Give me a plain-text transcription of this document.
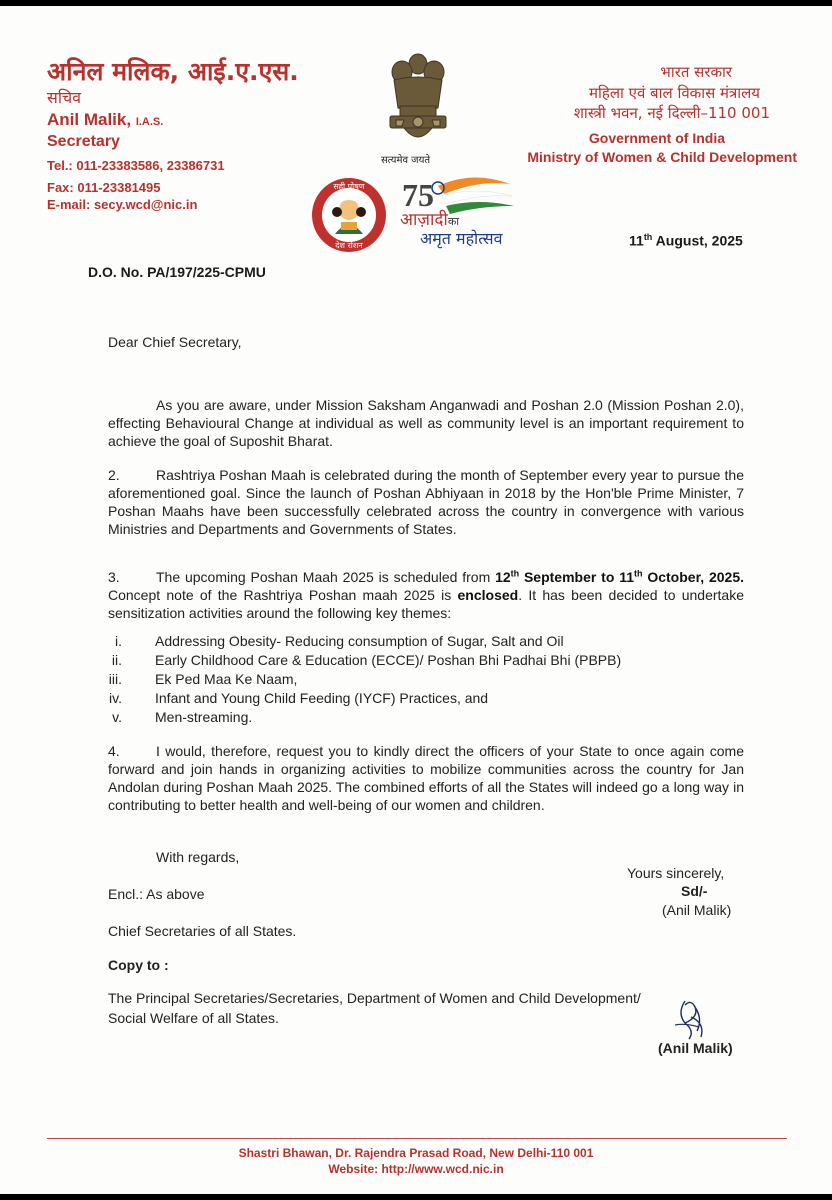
अनिल मलिक, आई.ए.एस.
सचिव
Anil Malik, I.A.S.
Secretary
Tel.: 011-23383586, 23386731
Fax: 011-23381495
E-mail: secy.wcd@nic.in
सत्यमेव जयते
सही पोषण
देश रोशन
75
आज़ादीका
अमृत महोत्सव
भारत सरकार
महिला एवं बाल विकास मंत्रालय
शास्त्री भवन, नई दिल्ली–110 001
Government of India
Ministry of Women & Child Development
11th August, 2025
D.O. No. PA/197/225-CPMU
Dear Chief Secretary,
As you are aware, under Mission Saksham Anganwadi and Poshan 2.0 (Mission Poshan 2.0), effecting Behavioural Change at individual as well as community level is an important requirement to achieve the goal of Suposhit Bharat.
2.	Rashtriya Poshan Maah is celebrated during the month of September every year to pursue the aforementioned goal. Since the launch of Poshan Abhiyaan in 2018 by the Hon'ble Prime Minister, 7 Poshan Maahs have been successfully celebrated across the country in convergence with various Ministries and Departments and Governments of States.
3.	The upcoming Poshan Maah 2025 is scheduled from 12th September to 11th October, 2025. Concept note of the Rashtriya Poshan maah 2025 is enclosed. It has been decided to undertake sensitization activities around the following key themes:
i. Addressing Obesity- Reducing consumption of Sugar, Salt and Oil
ii. Early Childhood Care & Education (ECCE)/ Poshan Bhi Padhai Bhi (PBPB)
iii. Ek Ped Maa Ke Naam,
iv. Infant and Young Child Feeding (IYCF) Practices, and
v. Men-streaming.
4.	I would, therefore, request you to kindly direct the officers of your State to once again come forward and join hands in organizing activities to mobilize communities across the country for Jan Andolan during Poshan Maah 2025. The combined efforts of all the States will indeed go a long way in contributing to better health and well-being of our women and children.
With regards,
Yours sincerely,
Sd/-
Encl.: As above
(Anil Malik)
Chief Secretaries of all States.
Copy to :
The Principal Secretaries/Secretaries, Department of Women and Child Development/
Social Welfare of all States.
(Anil Malik)
Shastri Bhawan, Dr. Rajendra Prasad Road, New Delhi-110 001
Website: http://www.wcd.nic.in
